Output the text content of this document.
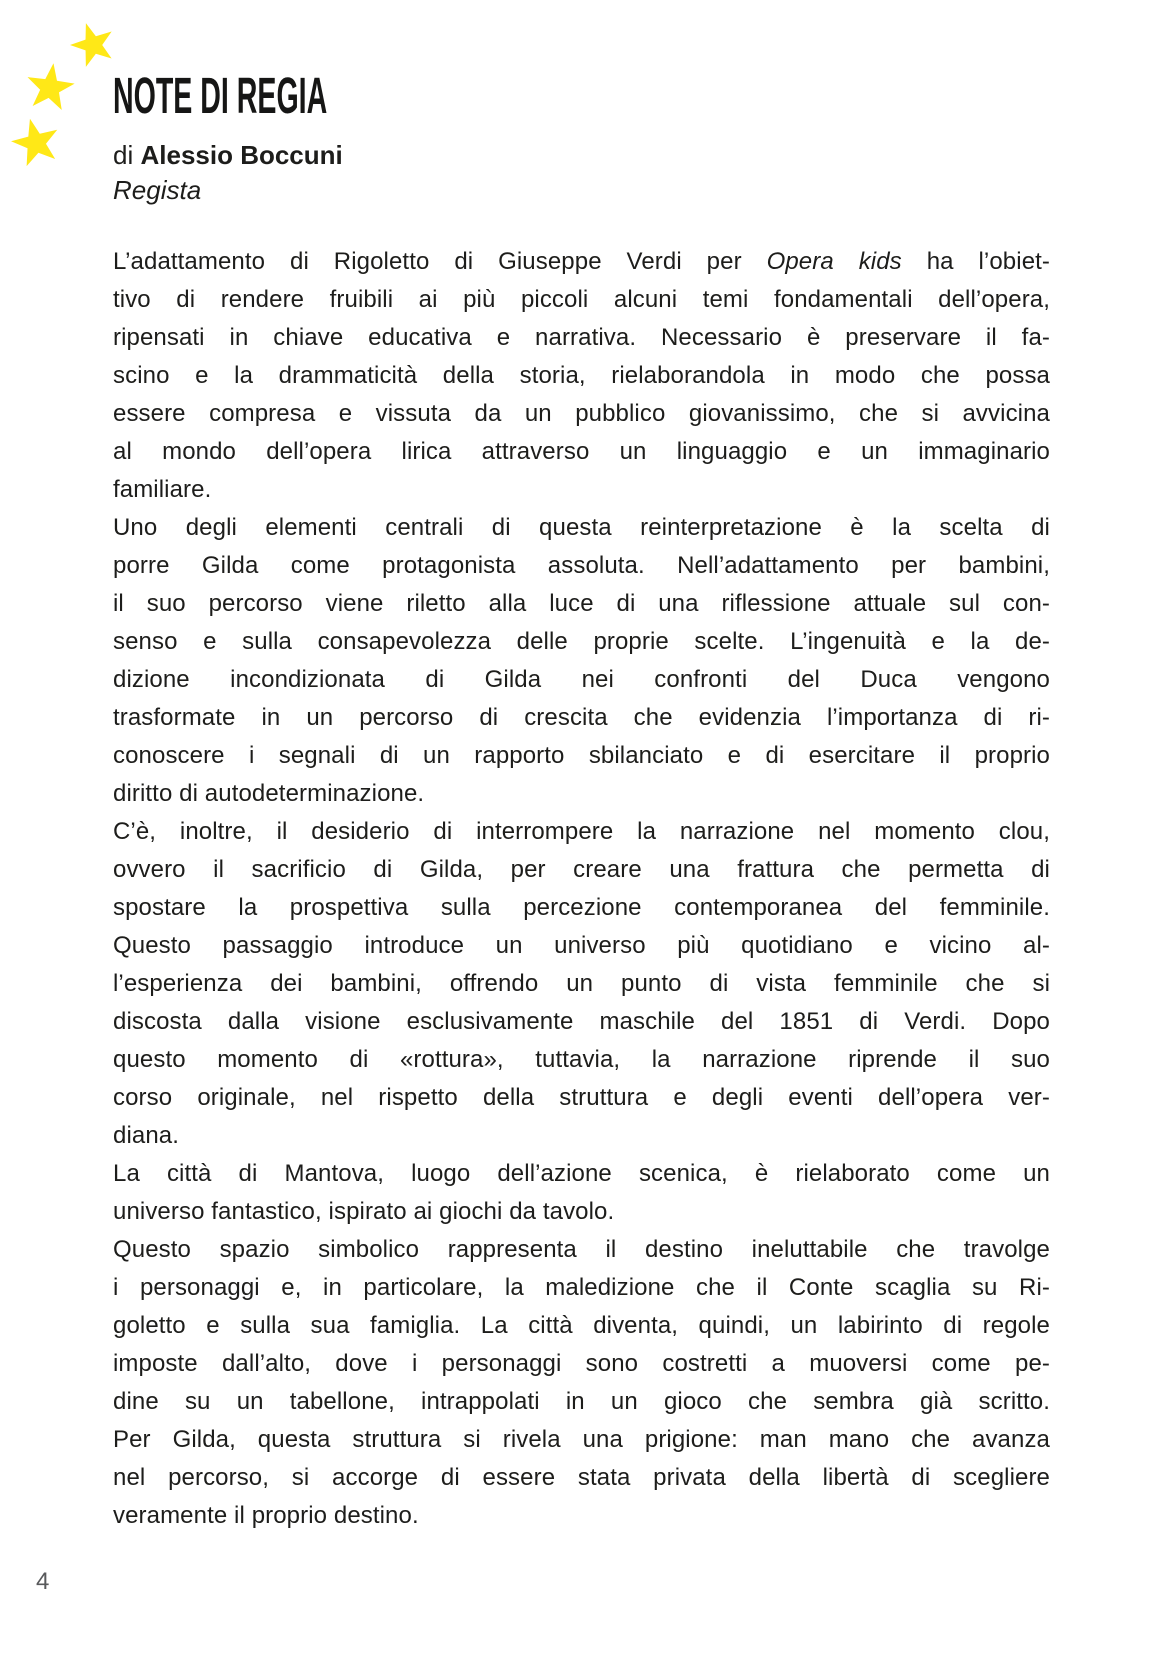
NOTE DI REGIA

di Alessio Boccuni

Regista

L’adattamento di Rigoletto di Giuseppe Verdi per Opera kids ha l’obiet-
tivo di rendere fruibili ai più piccoli alcuni temi fondamentali dell’opera,
ripensati in chiave educativa e narrativa. Necessario è preservare il fa-
scino e la drammaticità della storia, rielaborandola in modo che possa
essere compresa e vissuta da un pubblico giovanissimo, che si avvicina
al mondo dell’opera lirica attraverso un linguaggio e un immaginario
familiare.
Uno degli elementi centrali di questa reinterpretazione è la scelta di
porre Gilda come protagonista assoluta. Nell’adattamento per bambini,
il suo percorso viene riletto alla luce di una riflessione attuale sul con-
senso e sulla consapevolezza delle proprie scelte. L’ingenuità e la de-
dizione incondizionata di Gilda nei confronti del Duca vengono
trasformate in un percorso di crescita che evidenzia l’importanza di ri-
conoscere i segnali di un rapporto sbilanciato e di esercitare il proprio
diritto di autodeterminazione.
C’è, inoltre, il desiderio di interrompere la narrazione nel momento clou,
ovvero il sacrificio di Gilda, per creare una frattura che permetta di
spostare la prospettiva sulla percezione contemporanea del femminile.
Questo passaggio introduce un universo più quotidiano e vicino al-
l’esperienza dei bambini, offrendo un punto di vista femminile che si
discosta dalla visione esclusivamente maschile del 1851 di Verdi. Dopo
questo momento di «rottura», tuttavia, la narrazione riprende il suo
corso originale, nel rispetto della struttura e degli eventi dell’opera ver-
diana.
La città di Mantova, luogo dell’azione scenica, è rielaborato come un
universo fantastico, ispirato ai giochi da tavolo.
Questo spazio simbolico rappresenta il destino ineluttabile che travolge
i personaggi e, in particolare, la maledizione che il Conte scaglia su Ri-
goletto e sulla sua famiglia. La città diventa, quindi, un labirinto di regole
imposte dall’alto, dove i personaggi sono costretti a muoversi come pe-
dine su un tabellone, intrappolati in un gioco che sembra già scritto.
Per Gilda, questa struttura si rivela una prigione: man mano che avanza
nel percorso, si accorge di essere stata privata della libertà di scegliere
veramente il proprio destino.
4
